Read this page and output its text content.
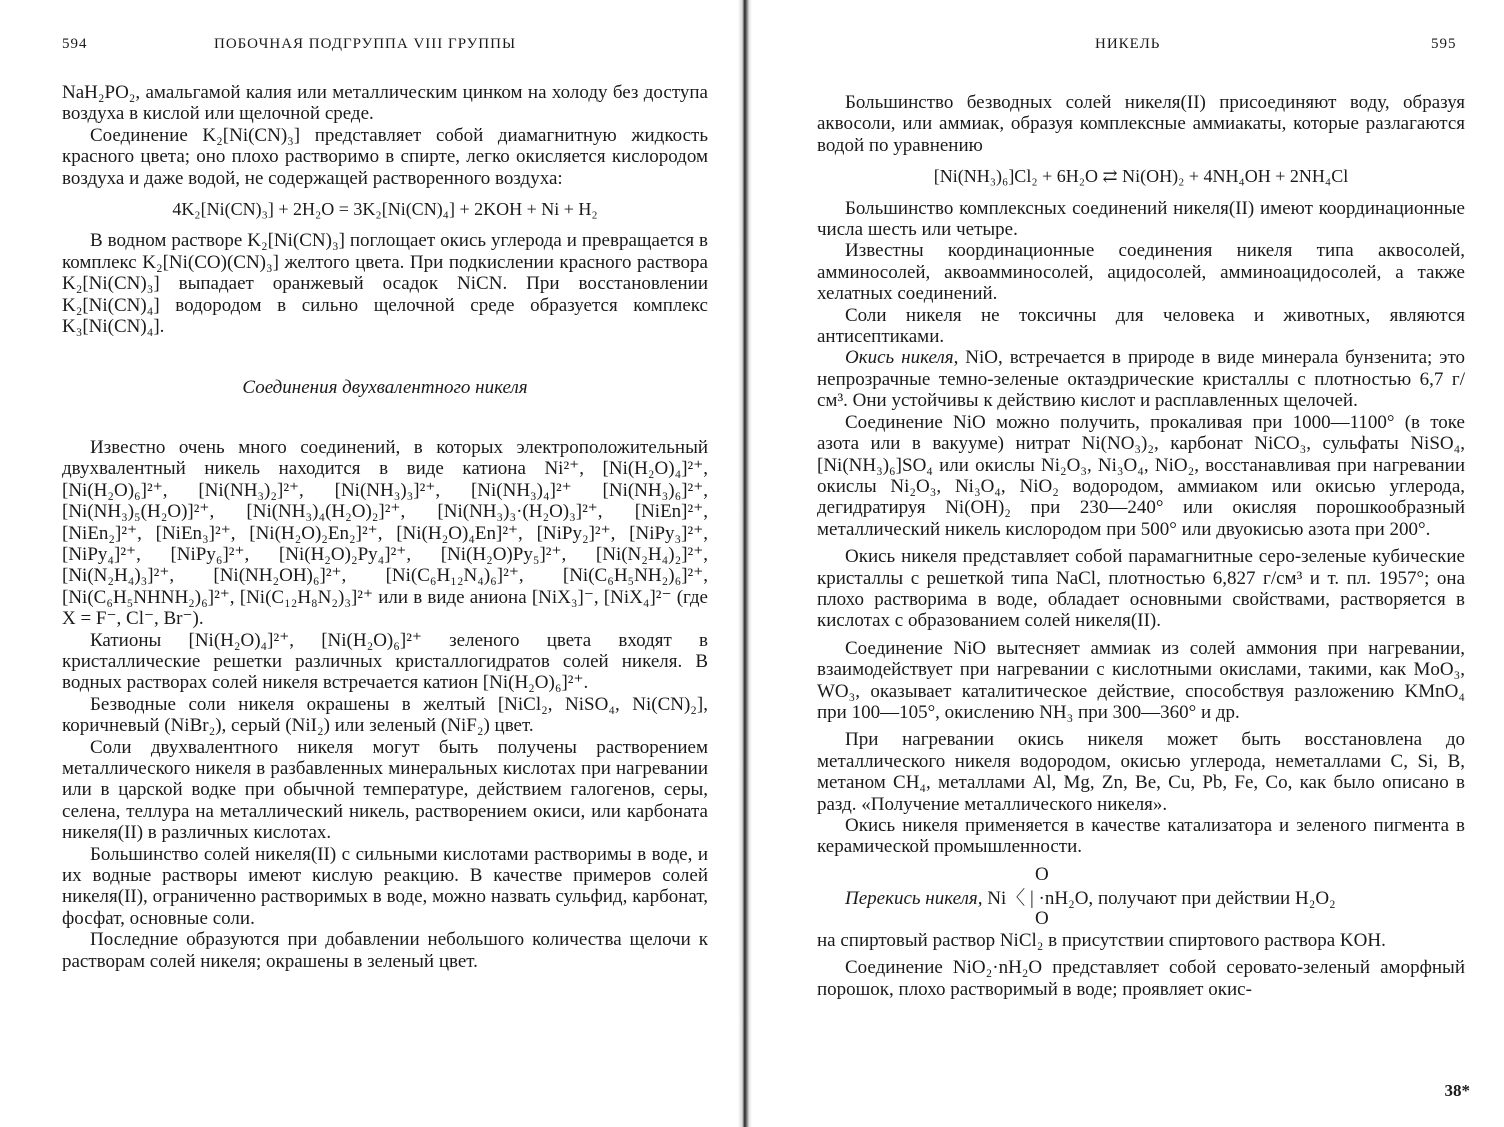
594	ПОБОЧНАЯ ПОДГРУППА VIII ГРУППЫ

NaH₂PO₂, амальгамой калия или металлическим цинком на холоду без доступа воздуха в кислой или щелочной среде.

Соединение K₂[Ni(CN)₃] представляет собой диамагнитную жидкость красного цвета; оно плохо растворимо в спирте, легко окисляется кислородом воздуха и даже водой, не содержащей растворенного воздуха:

4K₂[Ni(CN)₃] + 2H₂O = 3K₂[Ni(CN)₄] + 2KOH + Ni + H₂

В водном растворе K₂[Ni(CN)₃] поглощает окись углерода и превращается в комплекс K₂[Ni(CO)(CN)₃] желтого цвета. При подкислении красного раствора K₂[Ni(CN)₃] выпадает оранжевый осадок NiCN. При восстановлении K₂[Ni(CN)₄] водородом в сильно щелочной среде образуется комплекс K₃[Ni(CN)₄].

Соединения двухвалентного никеля

Известно очень много соединений, в которых электроположительный двухвалентный никель находится в виде катиона Ni²⁺, [Ni(H₂O)₄]²⁺, [Ni(H₂O)₆]²⁺, [Ni(NH₃)₂]²⁺, [Ni(NH₃)₃]²⁺, [Ni(NH₃)₄]²⁺ [Ni(NH₃)₆]²⁺, [Ni(NH₃)₅(H₂O)]²⁺, [Ni(NH₃)₄(H₂O)₂]²⁺, [Ni(NH₃)₃·(H₂O)₃]²⁺, [NiEn]²⁺, [NiEn₂]²⁺, [NiEn₃]²⁺, [Ni(H₂O)₂En₂]²⁺, [Ni(H₂O)₄En]²⁺, [NiPy₂]²⁺, [NiPy₃]²⁺, [NiPy₄]²⁺, [NiPy₆]²⁺, [Ni(H₂O)₂Py₄]²⁺, [Ni(H₂O)Py₅]²⁺, [Ni(N₂H₄)₂]²⁺, [Ni(N₂H₄)₃]²⁺, [Ni(NH₂OH)₆]²⁺, [Ni(C₆H₁₂N₄)₆]²⁺, [Ni(C₆H₅NH₂)₆]²⁺, [Ni(C₆H₅NHNH₂)₆]²⁺, [Ni(C₁₂H₈N₂)₃]²⁺ или в виде аниона [NiX₃]⁻, [NiX₄]²⁻ (где X = F⁻, Cl⁻, Br⁻).

Катионы [Ni(H₂O)₄]²⁺, [Ni(H₂O)₆]²⁺ зеленого цвета входят в кристаллические решетки различных кристаллогидратов солей никеля. В водных растворах солей никеля встречается катион [Ni(H₂O)₆]²⁺.

Безводные соли никеля окрашены в желтый [NiCl₂, NiSO₄, Ni(CN)₂], коричневый (NiBr₂), серый (NiI₂) или зеленый (NiF₂) цвет.

Соли двухвалентного никеля могут быть получены растворением металлического никеля в разбавленных минеральных кислотах при нагревании или в царской водке при обычной температуре, действием галогенов, серы, селена, теллура на металлический никель, растворением окиси, или карбоната никеля(II) в различных кислотах.

Большинство солей никеля(II) с сильными кислотами растворимы в воде, и их водные растворы имеют кислую реакцию. В качестве примеров солей никеля(II), ограниченно растворимых в воде, можно назвать сульфид, карбонат, фосфат, основные соли.

Последние образуются при добавлении небольшого количества щелочи к растворам солей никеля; окрашены в зеленый цвет.

НИКЕЛЬ	595

Большинство безводных солей никеля(II) присоединяют воду, образуя аквосоли, или аммиак, образуя комплексные аммиакаты, которые разлагаются водой по уравнению

[Ni(NH₃)₆]Cl₂ + 6H₂O ⇄ Ni(OH)₂ + 4NH₄OH + 2NH₄Cl

Большинство комплексных соединений никеля(II) имеют координационные числа шесть или четыре.

Известны координационные соединения никеля типа аквосолей, амминосолей, аквоамминосолей, ацидосолей, амминоацидосолей, а также хелатных соединений.

Соли никеля не токсичны для человека и животных, являются антисептиками.

Окись никеля, NiO, встречается в природе в виде минерала бунзенита; это непрозрачные темно-зеленые октаэдрические кристаллы с плотностью 6,7 г/см³. Они устойчивы к действию кислот и расплавленных щелочей.

Соединение NiO можно получить, прокаливая при 1000—1100° (в токе азота или в вакууме) нитрат Ni(NO₃)₂, карбонат NiCO₃, сульфаты NiSO₄, [Ni(NH₃)₆]SO₄ или окислы Ni₂O₃, Ni₃O₄, NiO₂, восстанавливая при нагревании окислы Ni₂O₃, Ni₃O₄, NiO₂ водородом, аммиаком или окисью углерода, дегидратируя Ni(OH)₂ при 230—240° или окисляя порошкообразный металлический никель кислородом при 500° или двуокисью азота при 200°.

Окись никеля представляет собой парамагнитные серо-зеленые кубические кристаллы с решеткой типа NaCl, плотностью 6,827 г/см³ и т. пл. 1957°; она плохо растворима в воде, обладает основными свойствами, растворяется в кислотах с образованием солей никеля(II).

Соединение NiO вытесняет аммиак из солей аммония при нагревании, взаимодействует при нагревании с кислотными окислами, такими, как MoO₃, WO₃, оказывает каталитическое действие, способствуя разложению KMnO₄ при 100—105°, окислению NH₃ при 300—360° и др.

При нагревании окись никеля может быть восстановлена до металлического никеля водородом, окисью углерода, неметаллами C, Si, B, метаном CH₄, металлами Al, Mg, Zn, Be, Cu, Pb, Fe, Co, как было описано в разд. «Получение металлического никеля».

Окись никеля применяется в качестве катализатора и зеленого пигмента в керамической промышленности.

O
Перекись никеля, Ni〈 | ·nH₂O, получают при действии H₂O₂
O

на спиртовый раствор NiCl₂ в присутствии спиртового раствора KOH.

Соединение NiO₂·nH₂O представляет собой серовато-зеленый аморфный порошок, плохо растворимый в воде; проявляет окис-

38*
